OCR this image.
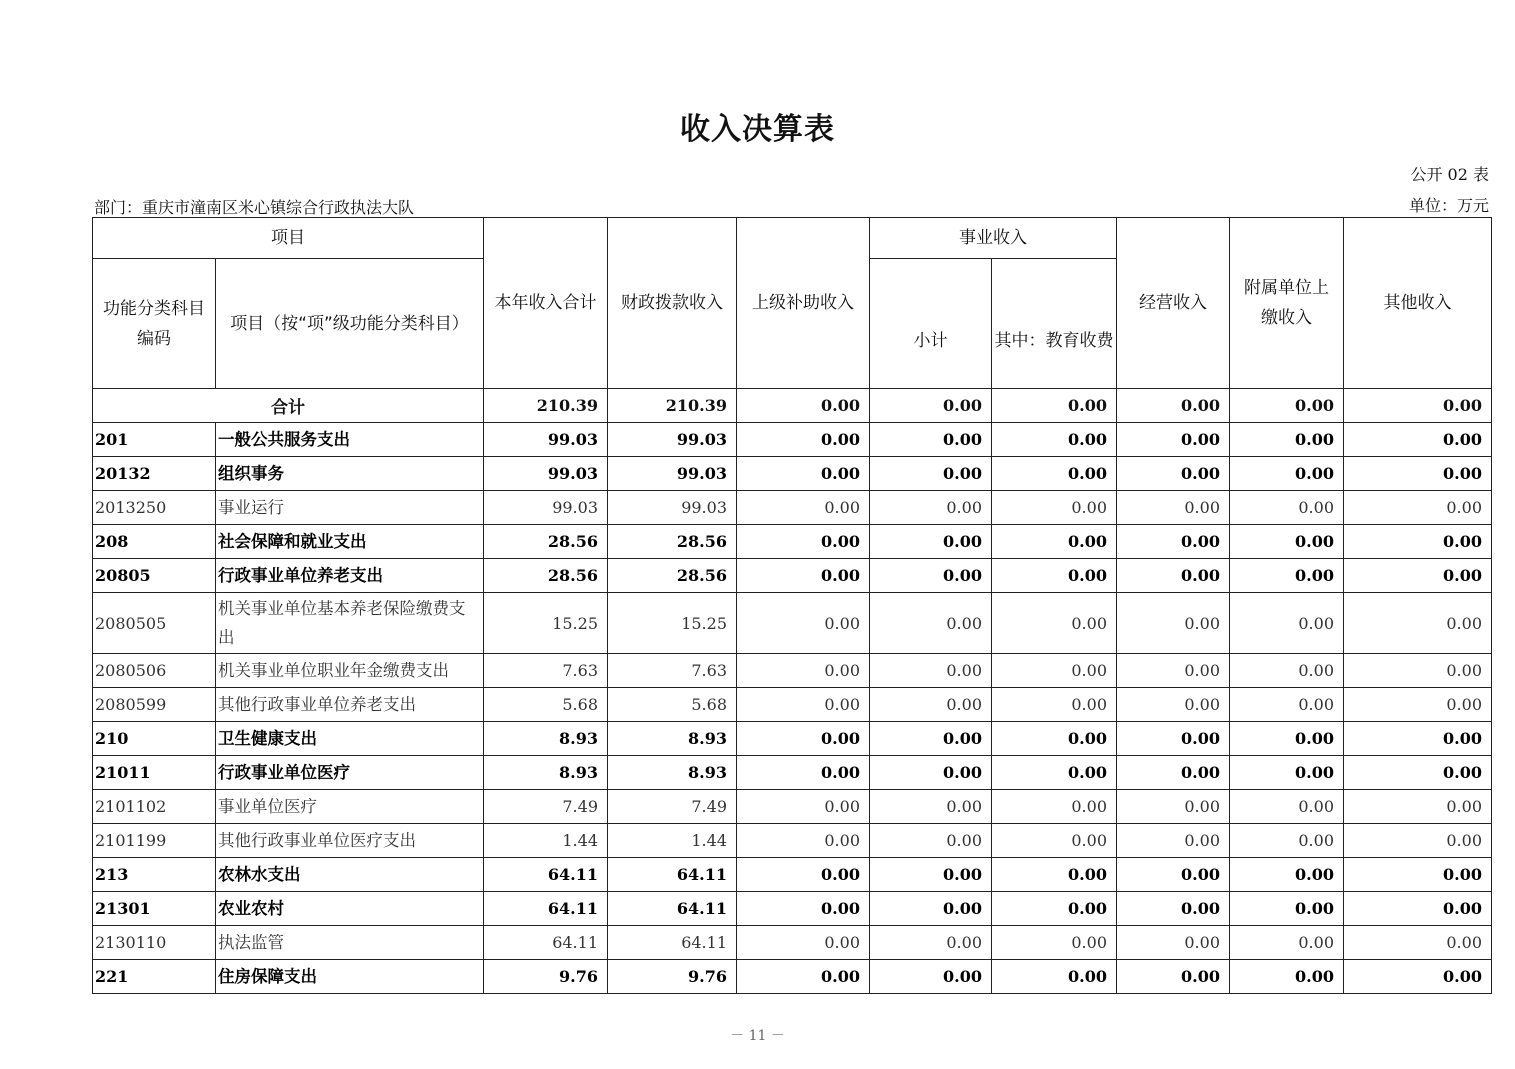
收入决算表
公开 02 表
部门：重庆市潼南区米心镇综合行政执法大队	单位：万元
项目		本年收入合计	财政拨款收入	上级补助收入	事业收入		经营收入	附属单位上缴收入	其他收入
功能分类科目编码	项目（按“项”级功能分类科目）				小计	其中：教育收费			
合计		210.39	210.39	0.00	0.00	0.00	0.00	0.00	0.00
201	一般公共服务支出	99.03	99.03	0.00	0.00	0.00	0.00	0.00	0.00
20132	组织事务	99.03	99.03	0.00	0.00	0.00	0.00	0.00	0.00
2013250	事业运行	99.03	99.03	0.00	0.00	0.00	0.00	0.00	0.00
208	社会保障和就业支出	28.56	28.56	0.00	0.00	0.00	0.00	0.00	0.00
20805	行政事业单位养老支出	28.56	28.56	0.00	0.00	0.00	0.00	0.00	0.00
2080505	机关事业单位基本养老保险缴费支出	15.25	15.25	0.00	0.00	0.00	0.00	0.00	0.00
2080506	机关事业单位职业年金缴费支出	7.63	7.63	0.00	0.00	0.00	0.00	0.00	0.00
2080599	其他行政事业单位养老支出	5.68	5.68	0.00	0.00	0.00	0.00	0.00	0.00
210	卫生健康支出	8.93	8.93	0.00	0.00	0.00	0.00	0.00	0.00
21011	行政事业单位医疗	8.93	8.93	0.00	0.00	0.00	0.00	0.00	0.00
2101102	事业单位医疗	7.49	7.49	0.00	0.00	0.00	0.00	0.00	0.00
2101199	其他行政事业单位医疗支出	1.44	1.44	0.00	0.00	0.00	0.00	0.00	0.00
213	农林水支出	64.11	64.11	0.00	0.00	0.00	0.00	0.00	0.00
21301	农业农村	64.11	64.11	0.00	0.00	0.00	0.00	0.00	0.00
2130110	执法监管	64.11	64.11	0.00	0.00	0.00	0.00	0.00	0.00
221	住房保障支出	9.76	9.76	0.00	0.00	0.00	0.00	0.00	0.00
－ 11 －
